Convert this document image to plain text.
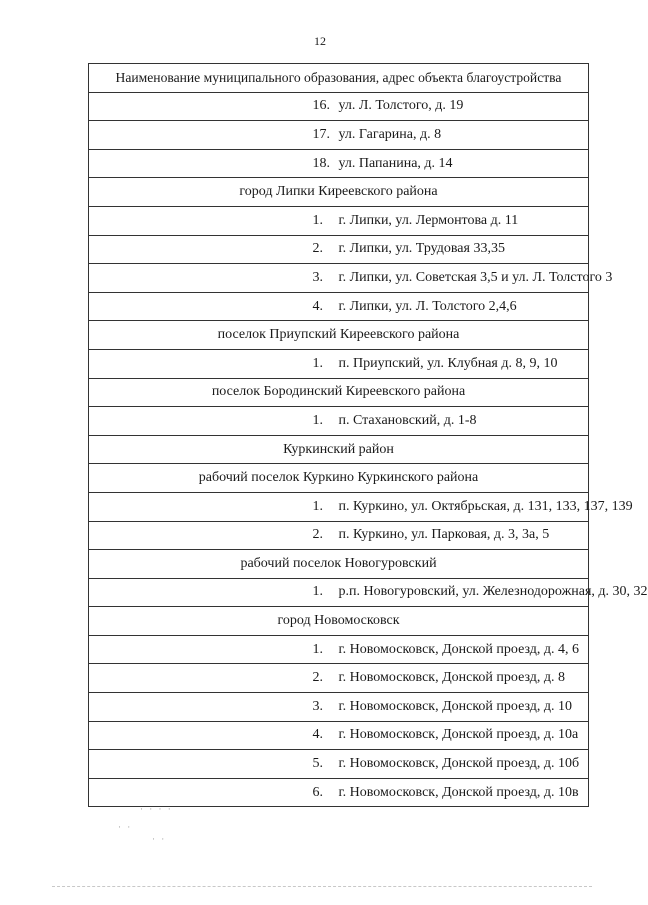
12
Наименование муниципального образования, адрес объекта благоустройства	
16.	ул. Л. Толстого, д. 19
17.	ул. Гагарина, д. 8
18.	ул. Папанина, д. 14
город Липки Киреевского района	
1.	г. Липки, ул. Лермонтова д. 11
2.	г. Липки, ул. Трудовая 33,35
3.	г. Липки, ул. Советская 3,5 и ул. Л. Толстого 3
4.	г. Липки, ул. Л. Толстого 2,4,6
поселок Приупский Киреевского района	
1.	п. Приупский, ул. Клубная д. 8, 9, 10
поселок Бородинский Киреевского района	
1.	п. Стахановский, д. 1-8
Куркинский район	
рабочий поселок Куркино Куркинского района	
1.	п. Куркино, ул. Октябрьская, д. 131, 133, 137, 139
2.	п. Куркино, ул. Парковая, д. 3, 3а, 5
рабочий поселок Новогуровский	
1.	р.п. Новогуровский, ул. Железнодорожная, д. 30, 32
город Новомосковск	
1.	г. Новомосковск, Донской проезд, д. 4, 6
2.	г. Новомосковск, Донской проезд, д. 8
3.	г. Новомосковск, Донской проезд, д. 10
4.	г. Новомосковск, Донской проезд, д. 10а
5.	г. Новомосковск, Донской проезд, д. 10б
6.	г. Новомосковск, Донской проезд, д. 10в
· · · ·
· ·
· ·
